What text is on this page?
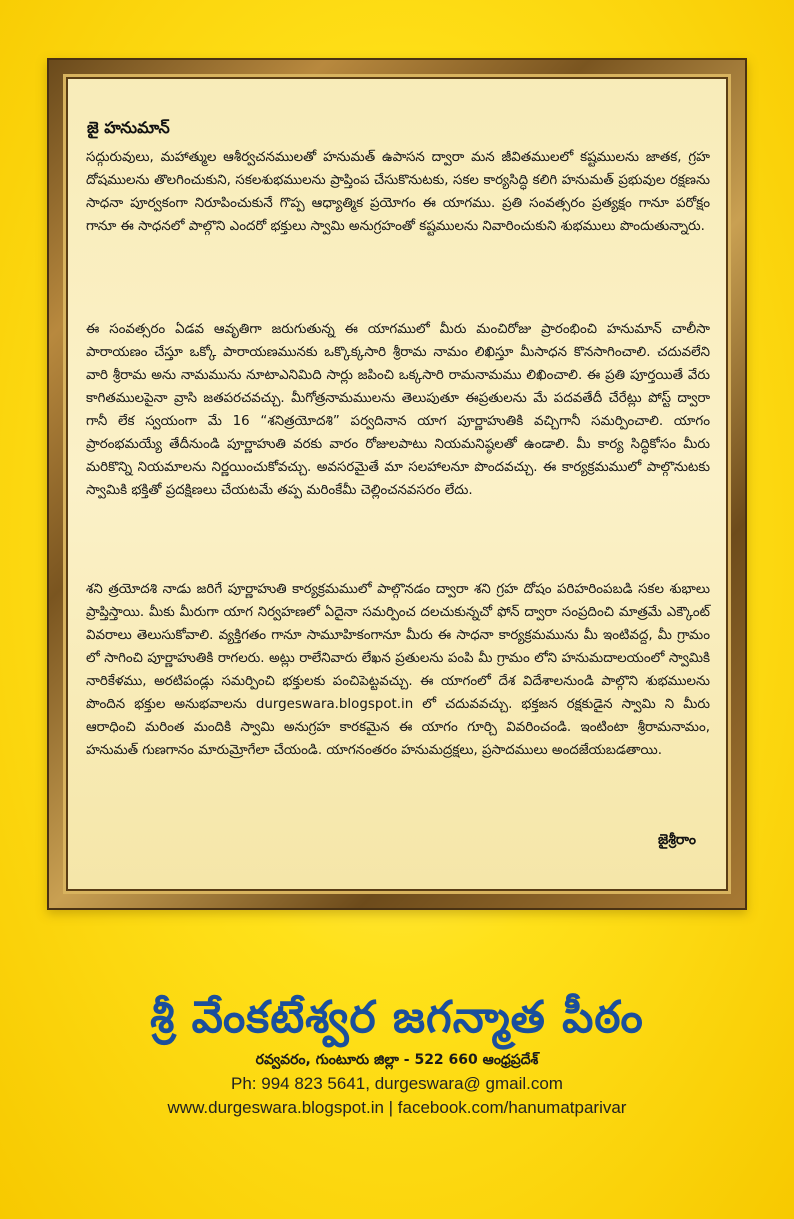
జై హనుమాన్

సద్గురువులు, మహాత్ముల ఆశీర్వచనములతో హనుమత్ ఉపాసన ద్వారా మన జీవితములలో కష్టములను జాతక, గ్రహ దోషములను తొలగించుకుని, సకలశుభములను ప్రాప్తింప చేసుకొనుటకు, సకల కార్యసిద్ధి కలిగి హనుమత్ ప్రభువుల రక్షణను సాధనా పూర్వకంగా నిరూపించుకునే గొప్ప ఆధ్యాత్మిక ప్రయోగం ఈ యాగము. ప్రతి సంవత్సరం ప్రత్యక్షం గానూ పరోక్షం గానూ ఈ సాధనలో పాల్గొని ఎందరో భక్తులు స్వామి అనుగ్రహంతో కష్టములను నివారించుకుని శుభములు పొందుతున్నారు.

ఈ సంవత్సరం ఏడవ ఆవృతిగా జరుగుతున్న ఈ యాగములో మీరు మంచిరోజు ప్రారంభించి హనుమాన్ చాలీసా పారాయణం చేస్తూ ఒక్కో పారాయణమునకు ఒక్కొక్కసారి శ్రీరామ నామం లిఖిస్తూ మీసాధన కొనసాగించాలి. చదువలేని వారి శ్రీరామ అను నామమును నూటాఎనిమిది సార్లు జపించి ఒక్కసారి రామనామము లిఖించాలి. ఈ ప్రతి పూర్తయితే వేరు కాగితములపైనా వ్రాసి జతపరచవచ్చు. మీగోత్రనామములను తెలుపుతూ ఈప్రతులను మే పదవతేదీ చేరేట్లు పోస్ట్ ద్వారా గానీ లేక స్వయంగా మే 16 “శనిత్రయోదశి” పర్వదినాన యాగ పూర్ణాహుతికి వచ్చిగానీ సమర్పించాలి. యాగం ప్రారంభమయ్యే తేదీనుండి పూర్ణాహుతి వరకు వారం రోజులపాటు నియమనిష్ఠలతో ఉండాలి. మీ కార్య సిద్ధికోసం మీరు మరికొన్ని నియమాలను నిర్ణయించుకోవచ్చు. అవసరమైతే మా సలహాలనూ పొందవచ్చు. ఈ కార్యక్రమములో పాల్గొనుటకు స్వామికి భక్తితో ప్రదక్షిణలు చేయటమే తప్ప మరింకేమీ చెల్లించనవసరం లేదు.

శని త్రయోదశి నాడు జరిగే పూర్ణాహుతి కార్యక్రమములో పాల్గొనడం ద్వారా శని గ్రహ దోషం పరిహరింపబడి సకల శుభాలు ప్రాప్తిస్తాయి. మీకు మీరుగా యాగ నిర్వహణలో ఏదైనా సమర్పించ దలచుకున్నచో ఫోన్ ద్వారా సంప్రదించి మాత్రమే ఎక్కౌంట్ వివరాలు తెలుసుకోవాలి. వ్యక్తిగతం గానూ సామూహికంగానూ మీరు ఈ సాధనా కార్యక్రమమును మీ ఇంటివద్ద, మీ గ్రామం లో సాగించి పూర్ణాహుతికి రాగలరు. అట్లు రాలేనివారు లేఖన ప్రతులను పంపి మీ గ్రామం లోని హనుమదాలయంలో స్వామికి నారికేళము, అరటిపండ్లు సమర్పించి భక్తులకు పంచిపెట్టవచ్చు. ఈ యాగంలో దేశ విదేశాలనుండి పాల్గొని శుభములను పొందిన భక్తుల అనుభవాలను durgeswara.blogspot.in లో చదువవచ్చు. భక్తజన రక్షకుడైన స్వామి ని మీరు ఆరాధించి మరింత మందికి స్వామి అనుగ్రహ కారకమైన ఈ యాగం గూర్చి వివరించండి. ఇంటింటా శ్రీరామనామం, హనుమత్ గుణగానం మారుమ్రోగేలా చేయండి. యాగనంతరం హనుమద్రక్షలు, ప్రసాదములు అందజేయబడతాయి.

జైశ్రీరాం
శ్రీ వేంకటేశ్వర జగన్మాత పీఠం
రవ్వవరం, గుంటూరు జిల్లా - 522 660 ఆంధ్రప్రదేశ్
Ph: 994 823 5641, durgeswara@ gmail.com
www.durgeswara.blogspot.in | facebook.com/hanumatparivar
